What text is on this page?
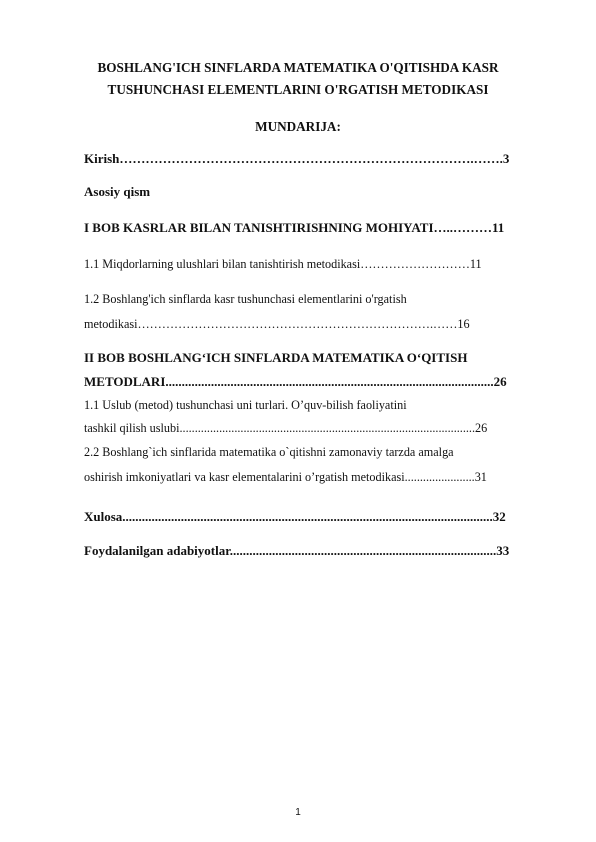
BOSHLANG'ICH SINFLARDA MATEMATIKA O'QITISHDA KASR
TUSHUNCHASI ELEMENTLARINI O'RGATISH METODIKASI
MUNDARIJA:
Kirish……………………………………………………………………….…….3
Asosiy qism
I BOB KASRLAR BILAN TANISHTIRISHNING MOHIYATI…..………11
1.1 Miqdorlarning ulushlari bilan tanishtirish metodikasi………………………11
1.2 Boshlang'ich sinflarda kasr tushunchasi elementlarini o'rgatish
metodikasi……………………………………………………………….……16
II BOB BOSHLANG‘ICH SINFLARDA MATEMATIKA O‘QITISH
METODLARI.....................................................................................................26
1.1 Uslub (metod) tushunchasi uni turlari. O’quv-bilish faoliyatini
tashkil qilish uslubi.................................................................................................26
2.2 Boshlang`ich sinflarida matematika o`qitishni zamonaviy tarzda amalga
oshirish imkoniyatlari va kasr elementalarini o’rgatish metodikasi.......................31
Xulosa..................................................................................................................32
Foydalanilgan adabiyotlar..................................................................................33
1
